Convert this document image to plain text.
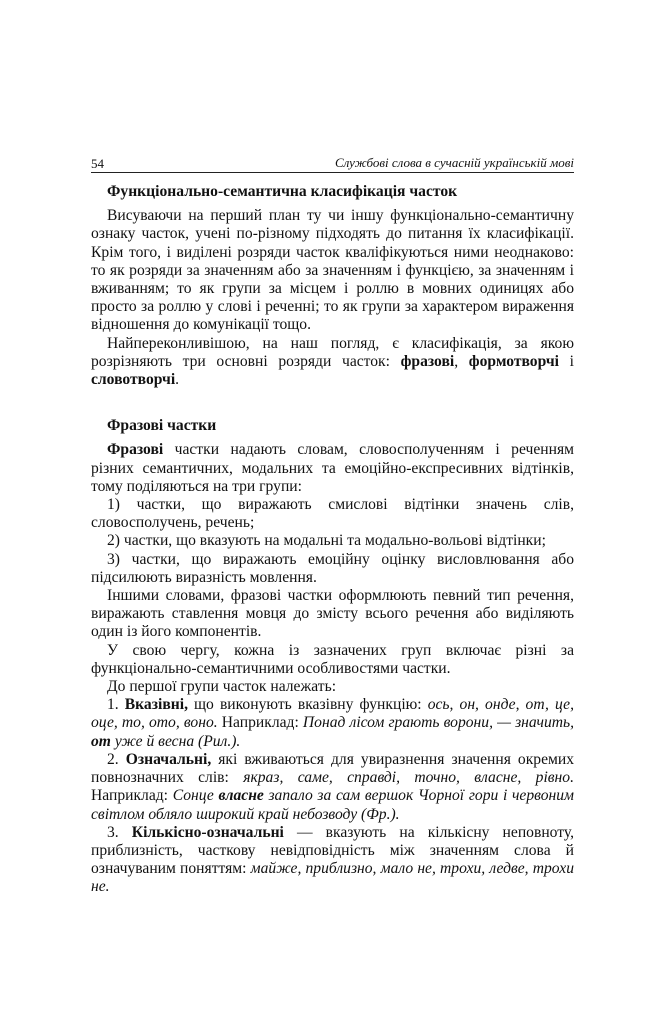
54	Службові слова в сучасній українській мові
Функціонально-семантична класифікація часток

Висуваючи на перший план ту чи іншу функціонально-семантичну ознаку часток, учені по-різному підходять до питання їх класифікації. Крім того, і виділені розряди часток кваліфікуються ними неоднаково: то як розряди за значенням або за значенням і функцією, за значенням і вживанням; то як групи за місцем і роллю в мовних одиницях або просто за роллю у слові і реченні; то як групи за характером вираження відношення до комунікації тощо.

Найпереконливішою, на наш погляд, є класифікація, за якою розрізняють три основні розряди часток: фразові, формотворчі і словотворчі.

Фразові частки

Фразові частки надають словам, словосполученням і реченням різних семантичних, модальних та емоційно-експресивних відтінків, тому поділяються на три групи:

1) частки, що виражають смислові відтінки значень слів, словосполучень, речень;

2) частки, що вказують на модальні та модально-вольові відтінки;

3) частки, що виражають емоційну оцінку висловлювання або підсилюють виразність мовлення.

Іншими словами, фразові частки оформлюють певний тип речення, виражають ставлення мовця до змісту всього речення або виділяють один із його компонентів.

У свою чергу, кожна із зазначених груп включає різні за функціонально-семантичними особливостями частки.

До першої групи часток належать:

1. Вказівні, що виконують вказівну функцію: ось, он, онде, от, це, оце, то, ото, воно. Наприклад: Понад лісом грають ворони, — значить, от уже й весна (Рил.).

2. Означальні, які вживаються для увиразнення значення окремих повнозначних слів: якраз, саме, справді, точно, власне, рівно. Наприклад: Сонце власне запало за сам вершок Чорної гори і червоним світлом обляло широкий край небозводу (Фр.).

3. Кількісно-означальні — вказують на кількісну неповноту, приблизність, часткову невідповідність між значенням слова й означуваним поняттям: майже, приблизно, мало не, трохи, ледве, трохи не.
